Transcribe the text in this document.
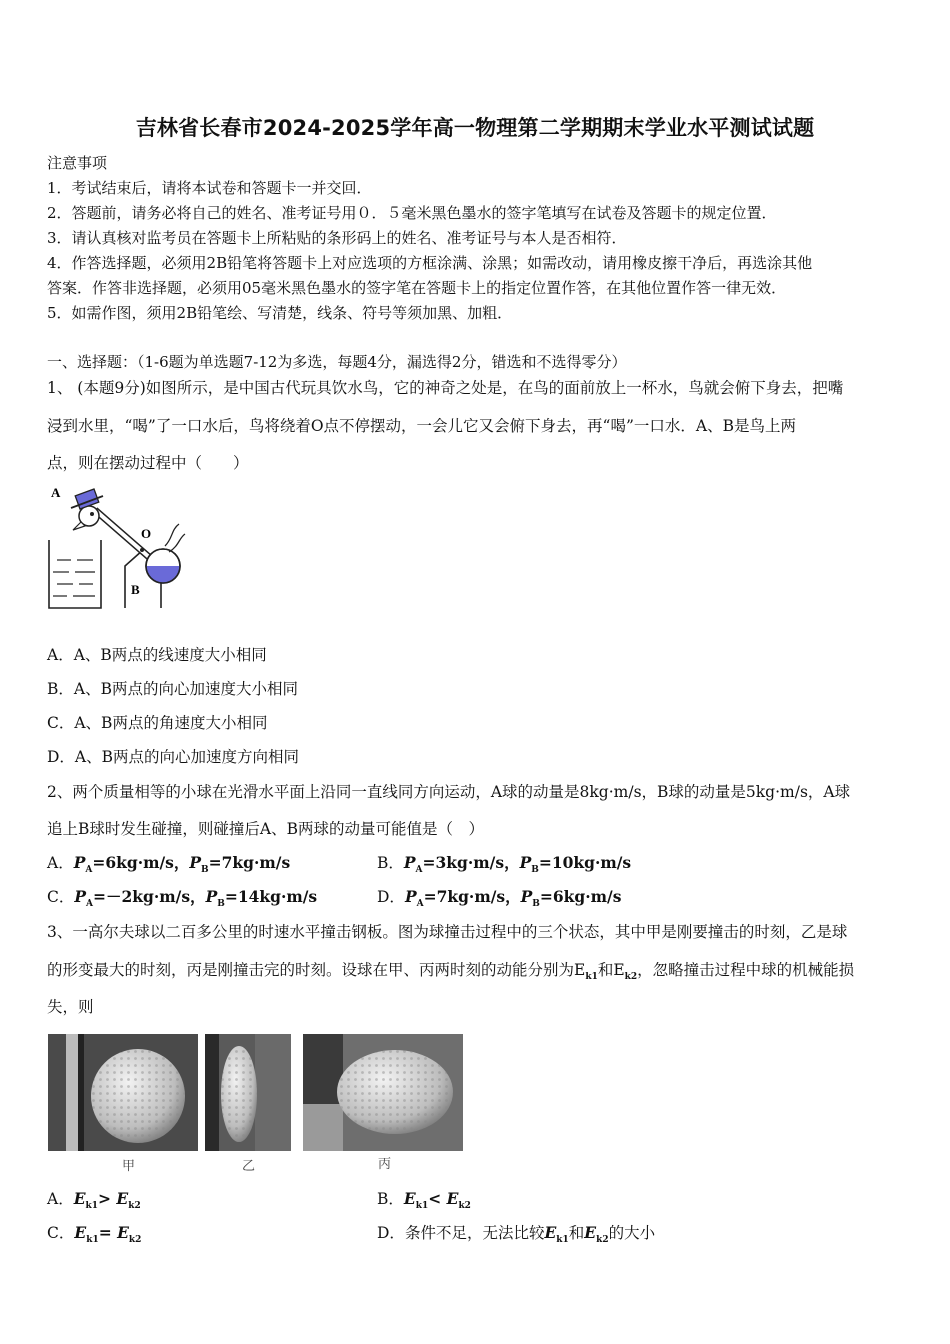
吉林省长春市2024-2025学年高一物理第二学期期末学业水平测试试题
注意事项
1．考试结束后，请将本试卷和答题卡一并交回．
2．答题前，请务必将自己的姓名、准考证号用０．５毫米黑色墨水的签字笔填写在试卷及答题卡的规定位置．
3．请认真核对监考员在答题卡上所粘贴的条形码上的姓名、准考证号与本人是否相符．
4．作答选择题，必须用2B铅笔将答题卡上对应选项的方框涂满、涂黑；如需改动，请用橡皮擦干净后，再选涂其他
答案．作答非选择题，必须用05毫米黑色墨水的签字笔在答题卡上的指定位置作答，在其他位置作答一律无效．
5．如需作图，须用2B铅笔绘、写清楚，线条、符号等须加黑、加粗．
一、选择题：（1-6题为单选题7-12为多选，每题4分，漏选得2分，错选和不选得零分）
1、 (本题9分)如图所示，是中国古代玩具饮水鸟，它的神奇之处是，在鸟的面前放上一杯水，鸟就会俯下身去，把嘴
浸到水里，“喝”了一口水后，鸟将绕着O点不停摆动，一会儿它又会俯下身去，再“喝”一口水．A、B是鸟上两
点，则在摆动过程中（　　）
A
O
B
A．A、B两点的线速度大小相同
B．A、B两点的向心加速度大小相同
C．A、B两点的角速度大小相同
D．A、B两点的向心加速度方向相同
2、两个质量相等的小球在光滑水平面上沿同一直线同方向运动，A球的动量是8kg·m/s，B球的动量是5kg·m/s，A球
追上B球时发生碰撞，则碰撞后A、B两球的动量可能值是（　）
A．$P_A=6kg\cdot m/s$，$P_B=7kg\cdot m/s$	B．$P_A=3kg\cdot m/s$，$P_B=10kg\cdot m/s$
C．$P_A=-2kg\cdot m/s$，$P_B=14kg\cdot m/s$	D．$P_A=7kg\cdot m/s$，$P_B=6kg\cdot m/s$
3、一高尔夫球以二百多公里的时速水平撞击钢板。图为球撞击过程中的三个状态，其中甲是刚要撞击的时刻，乙是球
的形变最大的时刻，丙是刚撞击完的时刻。设球在甲、丙两时刻的动能分别为$E_{k1}$和$E_{k2}$，忽略撞击过程中球的机械能损
失，则
甲	乙	丙
A．$E_{k1}> E_{k2}$	B．$E_{k1}< E_{k2}$
C．$E_{k1}= E_{k2}$	D．条件不足，无法比较$E_{k1}$和$E_{k2}$的大小
